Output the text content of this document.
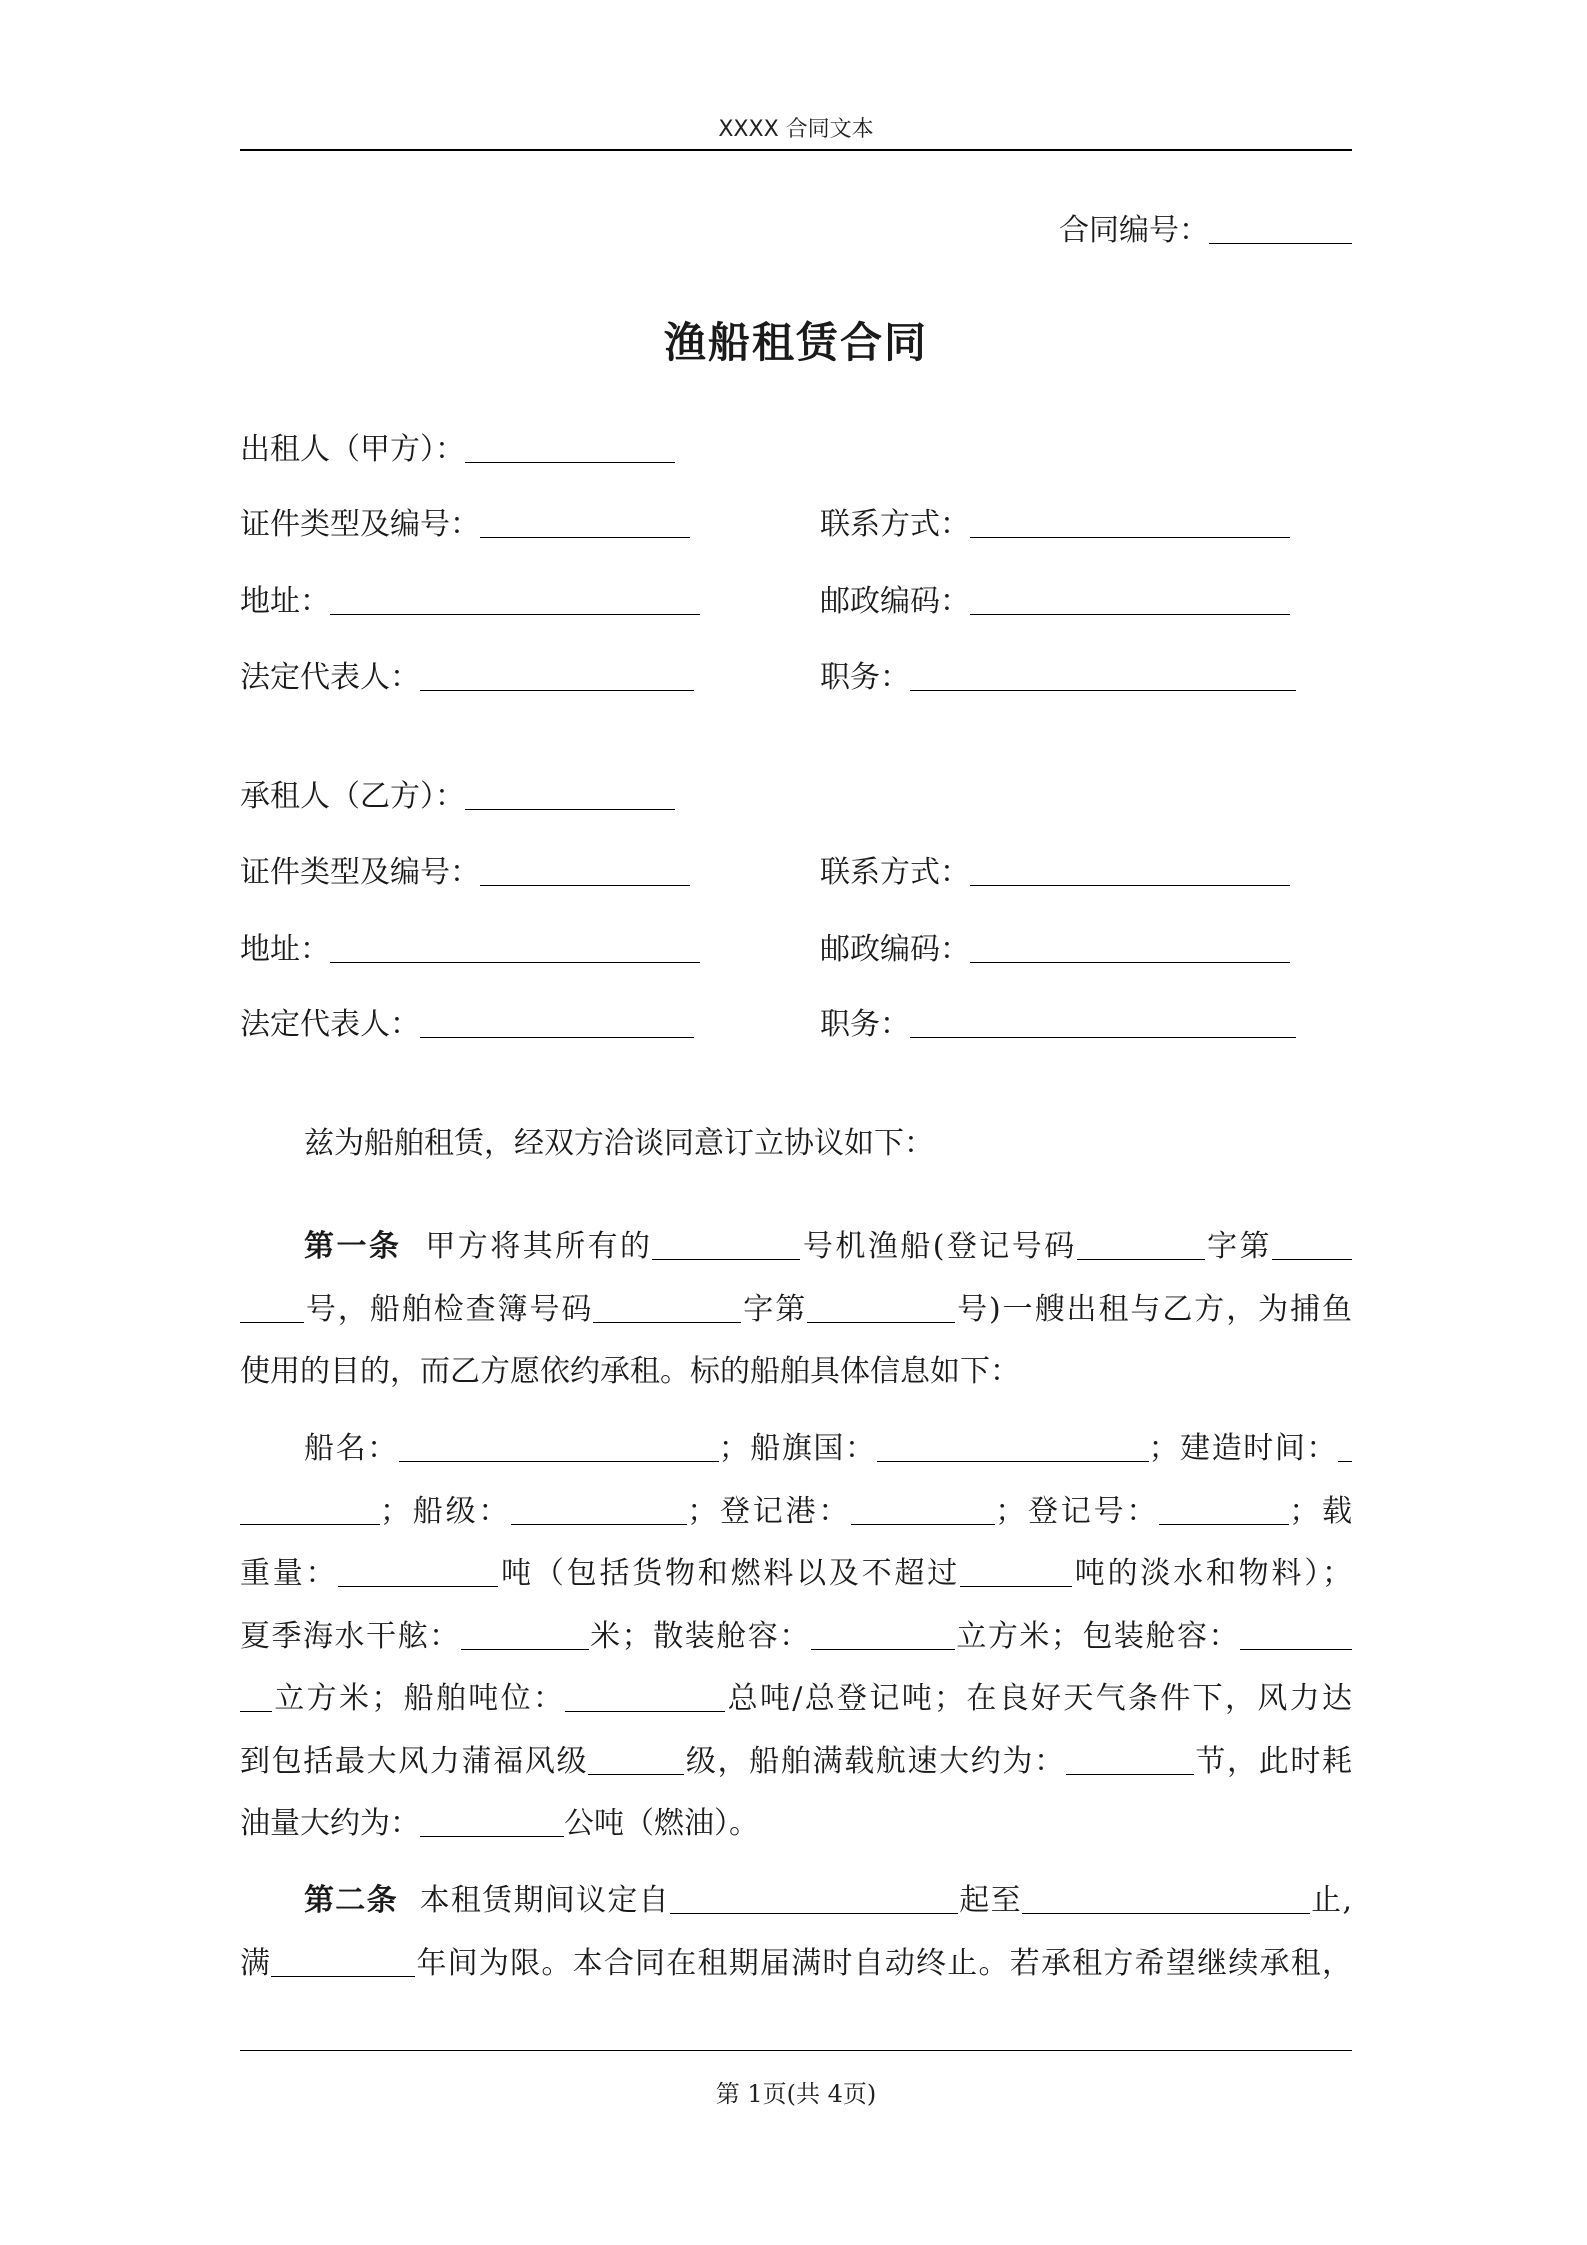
XXXX 合同文本
合同编号：
渔船租赁合同
出租人（甲方）：
证件类型及编号：	联系方式：
地址：	邮政编码：
法定代表人：	职务：
承租人（乙方）：
证件类型及编号：	联系方式：
地址：	邮政编码：
法定代表人：	职务：
兹为船舶租赁，经双方洽谈同意订立协议如下：
第一条 甲方将其所有的	号机渔船(登记号码	字第
号，船舶检查簿号码	字第	号)一艘出租与乙方，为捕鱼
使用的目的，而乙方愿依约承租。标的船舶具体信息如下：
船名：	；船旗国：	；建造时间：
；船级：	；登记港：	；登记号：	；载
重量：	吨（包括货物和燃料以及不超过	吨的淡水和物料）；
夏季海水干舷：	米；散装舱容：	立方米；包装舱容：
立方米；船舶吨位：	总吨/总登记吨；在良好天气条件下，风力达
到包括最大风力蒲福风级	级，船舶满载航速大约为：	节，此时耗
油量大约为：	公吨（燃油）。
第二条 本租赁期间议定自	起至	止,
满	年间为限。本合同在租期届满时自动终止。若承租方希望继续承租，
第 1页(共 4页)
